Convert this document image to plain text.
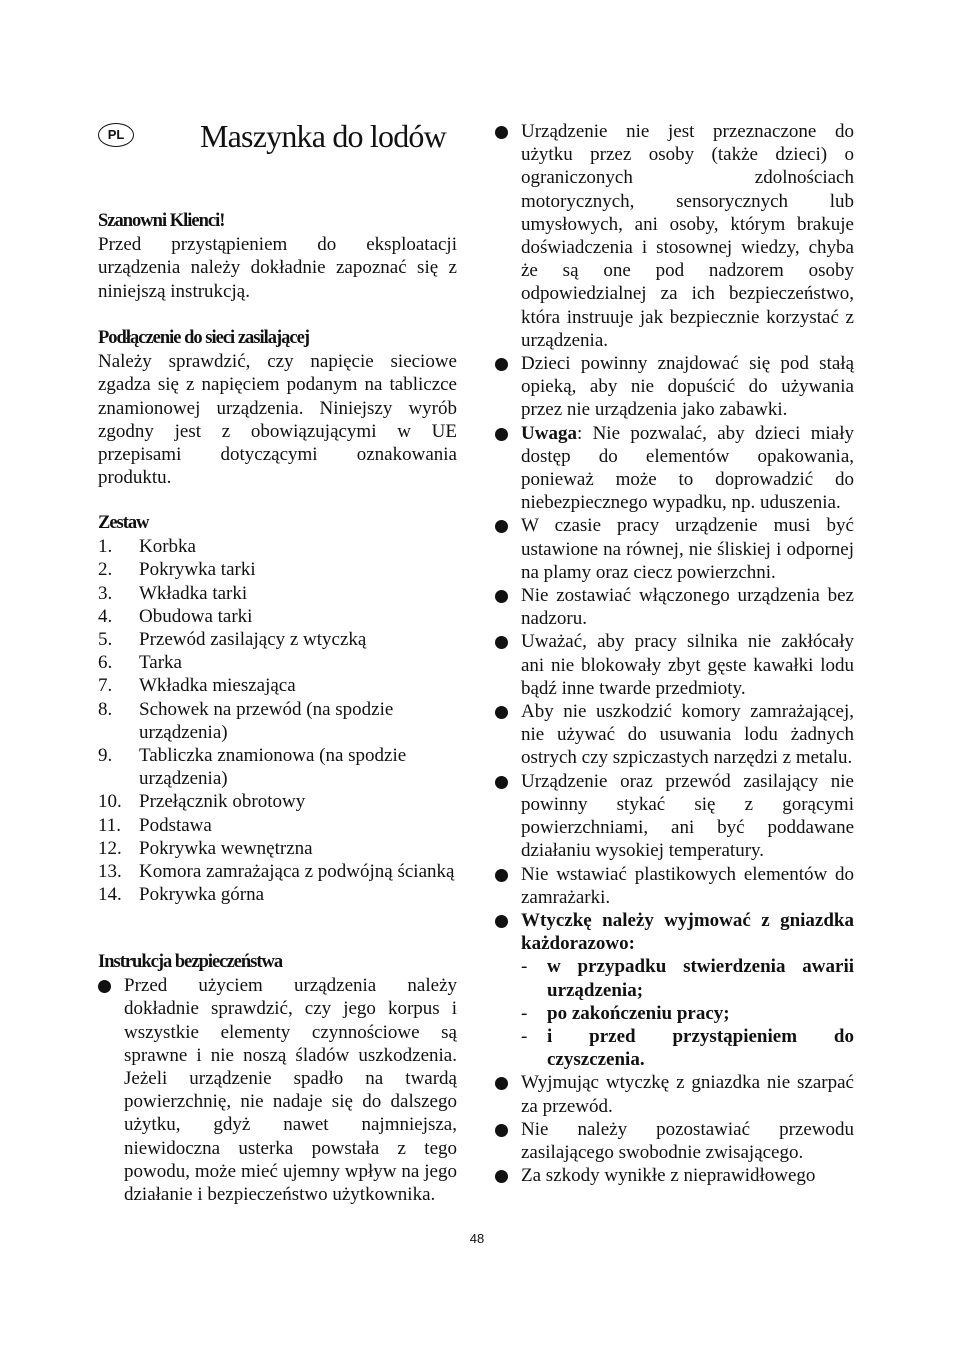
PL	Maszynka do lodów
Szanowni Klienci!
Przed przystąpieniem do eksploatacji urządzenia należy dokładnie zapoznać się z niniejszą instrukcją.
Podłączenie do sieci zasilającej
Należy sprawdzić, czy napięcie sieciowe zgadza się z napięciem podanym na tabliczce znamionowej urządzenia. Niniejszy wyrób zgodny jest z obowiązującymi w UE przepisami dotyczącymi oznakowania produktu.
Zestaw
1. Korbka
2. Pokrywka tarki
3. Wkładka tarki
4. Obudowa tarki
5. Przewód zasilający z wtyczką
6. Tarka
7. Wkładka mieszająca
8. Schowek na przewód (na spodzie urządzenia)
9. Tabliczka znamionowa (na spodzie urządzenia)
10. Przełącznik obrotowy
11. Podstawa
12. Pokrywka wewnętrzna
13. Komora zamrażająca z podwójną ścianką
14. Pokrywka górna
Instrukcja bezpieczeństwa
Przed użyciem urządzenia należy dokładnie sprawdzić, czy jego korpus i wszystkie elementy czynnościowe są sprawne i nie noszą śladów uszkodzenia. Jeżeli urządzenie spadło na twardą powierzchnię, nie nadaje się do dalszego użytku, gdyż nawet najmniejsza, niewidoczna usterka powstała z tego powodu, może mieć ujemny wpływ na jego działanie i bezpieczeństwo użytkownika.
Urządzenie nie jest przeznaczone do użytku przez osoby (także dzieci) o ograniczonych zdolnościach motorycznych, sensorycznych lub umysłowych, ani osoby, którym brakuje doświadczenia i stosownej wiedzy, chyba że są one pod nadzorem osoby odpowiedzialnej za ich bezpieczeństwo, która instruuje jak bezpiecznie korzystać z urządzenia.
Dzieci powinny znajdować się pod stałą opieką, aby nie dopuścić do używania przez nie urządzenia jako zabawki.
Uwaga: Nie pozwalać, aby dzieci miały dostęp do elementów opakowania, ponieważ może to doprowadzić do niebezpiecznego wypadku, np. uduszenia.
W czasie pracy urządzenie musi być ustawione na równej, nie śliskiej i odpornej na plamy oraz ciecz powierzchni.
Nie zostawiać włączonego urządzenia bez nadzoru.
Uważać, aby pracy silnika nie zakłócały ani nie blokowały zbyt gęste kawałki lodu bądź inne twarde przedmioty.
Aby nie uszkodzić komory zamrażającej, nie używać do usuwania lodu żadnych ostrych czy szpiczastych narzędzi z metalu.
Urządzenie oraz przewód zasilający nie powinny stykać się z gorącymi powierzchniami, ani być poddawane działaniu wysokiej temperatury.
Nie wstawiać plastikowych elementów do zamrażarki.
Wtyczkę należy wyjmować z gniazdka każdorazowo:
- w przypadku stwierdzenia awarii urządzenia;
- po zakończeniu pracy;
- i przed przystąpieniem do czyszczenia.
Wyjmując wtyczkę z gniazdka nie szarpać za przewód.
Nie należy pozostawiać przewodu zasilającego swobodnie zwisającego.
Za szkody wynikłe z nieprawidłowego
48
